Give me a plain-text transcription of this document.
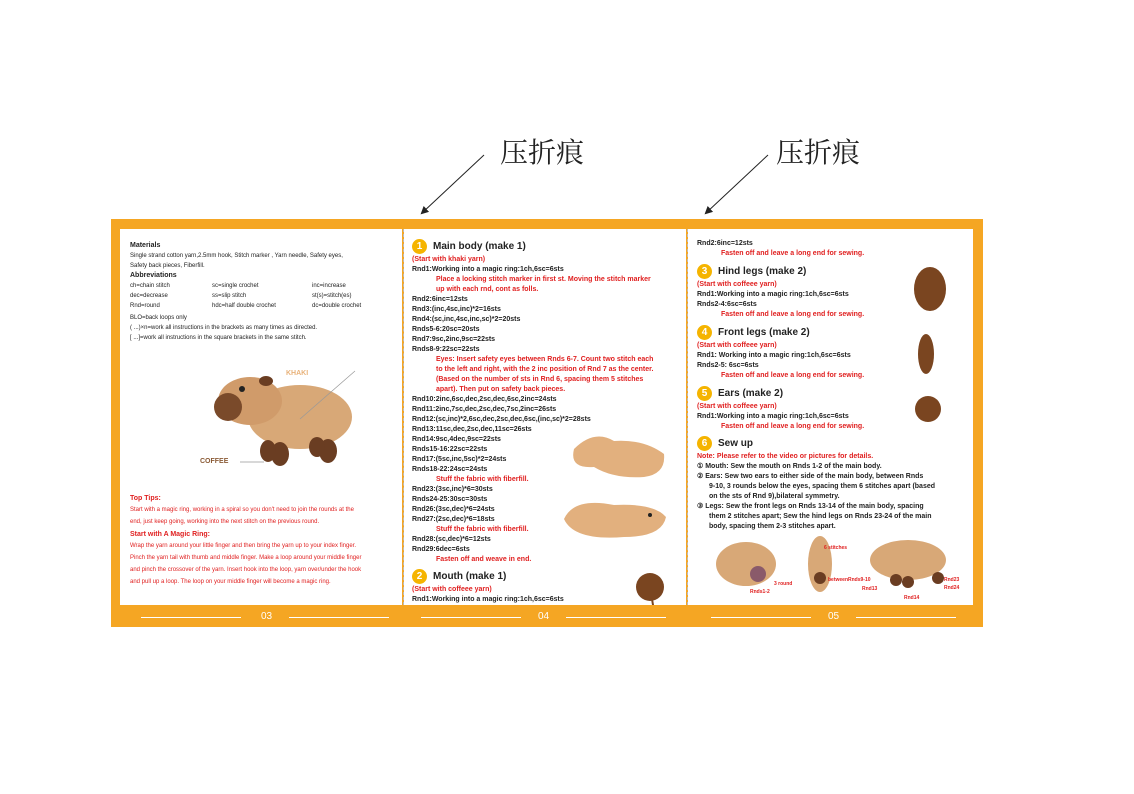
压折痕	压折痕
Materials
Single strand cotton yarn,2.5mm hook, Stitch marker , Yarn needle, Safety eyes,
Safety back pieces, Fiberfill.
Abbreviations
ch=chain stitch	sc=single crochet	inc=increase
dec=decrease	ss=slip stitch	st(s)=stitch(es)
Rnd=round	hdc=half double crochet	dc=double crochet
BLO=back loops only
( ...)×n=work all instructions in the brackets as many times as directed.
[ ...]=work all instructions in the square brackets in the same stitch.
KHAKI
COFFEE
Top Tips:
Start with a magic ring, working in a spiral so you don't need to join the rounds at the
end, just keep going, working into the next stitch on the previous round.
Start with A Magic Ring:
Wrap the yarn around your little finger and then bring the yarn up to your index finger.
Pinch the yarn tail with thumb and middle finger. Make a loop around your middle finger
and pinch the crossover of the yarn. Insert hook into the loop, yarn over/under the hook
and pull up a loop. The loop on your middle finger will become a magic ring.
1	Main body (make 1)
(Start with khaki yarn)
Rnd1:Working into a magic ring:1ch,6sc=6sts
Place a locking stitch marker in first st. Moving the stitch marker
up with each rnd, cont as folls.
Rnd2:6inc=12sts
Rnd3:(inc,4sc,inc)*2=16sts
Rnd4:(sc,inc,4sc,inc,sc)*2=20sts
Rnds5-6:20sc=20sts
Rnd7:9sc,2inc,9sc=22sts
Rnds8-9:22sc=22sts
Eyes: Insert safety eyes between Rnds 6-7. Count two stitch each
to the left and right, with the 2 inc position of Rnd 7 as the center.
(Based on the number of sts in Rnd 6, spacing them 5 stitches
apart). Then put on safety back pieces.
Rnd10:2inc,6sc,dec,2sc,dec,6sc,2inc=24sts
Rnd11:2inc,7sc,dec,2sc,dec,7sc,2inc=26sts
Rnd12:(sc,inc)*2,6sc,dec,2sc,dec,6sc,(inc,sc)*2=28sts
Rnd13:11sc,dec,2sc,dec,11sc=26sts
Rnd14:9sc,4dec,9sc=22sts
Rnds15-16:22sc=22sts
Rnd17:(5sc,inc,5sc)*2=24sts
Rnds18-22:24sc=24sts
Stuff the fabric with fiberfill.
Rnd23:(3sc,inc)*6=30sts
Rnds24-25:30sc=30sts
Rnd26:(3sc,dec)*6=24sts
Rnd27:(2sc,dec)*6=18sts
Stuff the fabric with fiberfill.
Rnd28:(sc,dec)*6=12sts
Rnd29:6dec=6sts
Fasten off and weave in end.
2	Mouth (make 1)
(Start with coffeee yarn)
Rnd1:Working into a magic ring:1ch,6sc=6sts
Rnd2:6inc=12sts
Fasten off and leave a long end for sewing.
3	Hind legs (make 2)
(Start with coffeee yarn)
Rnd1:Working into a magic ring:1ch,6sc=6sts
Rnds2-4:6sc=6sts
Fasten off and leave a long end for sewing.
4	Front legs (make 2)
(Start with coffeee yarn)
Rnd1: Working into a magic ring:1ch,6sc=6sts
Rnds2-5: 6sc=6sts
Fasten off and leave a long end for sewing.
5	Ears (make 2)
(Start with coffeee yarn)
Rnd1:Working into a magic ring:1ch,6sc=6sts
Fasten off and leave a long end for sewing.
6	Sew up
Note: Please refer to the video or pictures for details.
① Mouth: Sew the mouth on Rnds 1-2 of the main body.
② Ears: Sew two ears to either side of the main body, between Rnds
9-10, 3 rounds below the eyes, spacing them 6 stitches apart (based
on the sts of Rnd 9),bilateral symmetry.
③ Legs: Sew the front legs on Rnds 13-14 of the main body, spacing
them 2 stitches apart; Sew the hind legs on Rnds 23-24 of the main
body, spacing them 2-3 stitches apart.
6 stitches
3 round
Rnds1-2
betweenRnds9-10
Rnd13
Rnd14
Rnd23
Rnd24
03	04	05
